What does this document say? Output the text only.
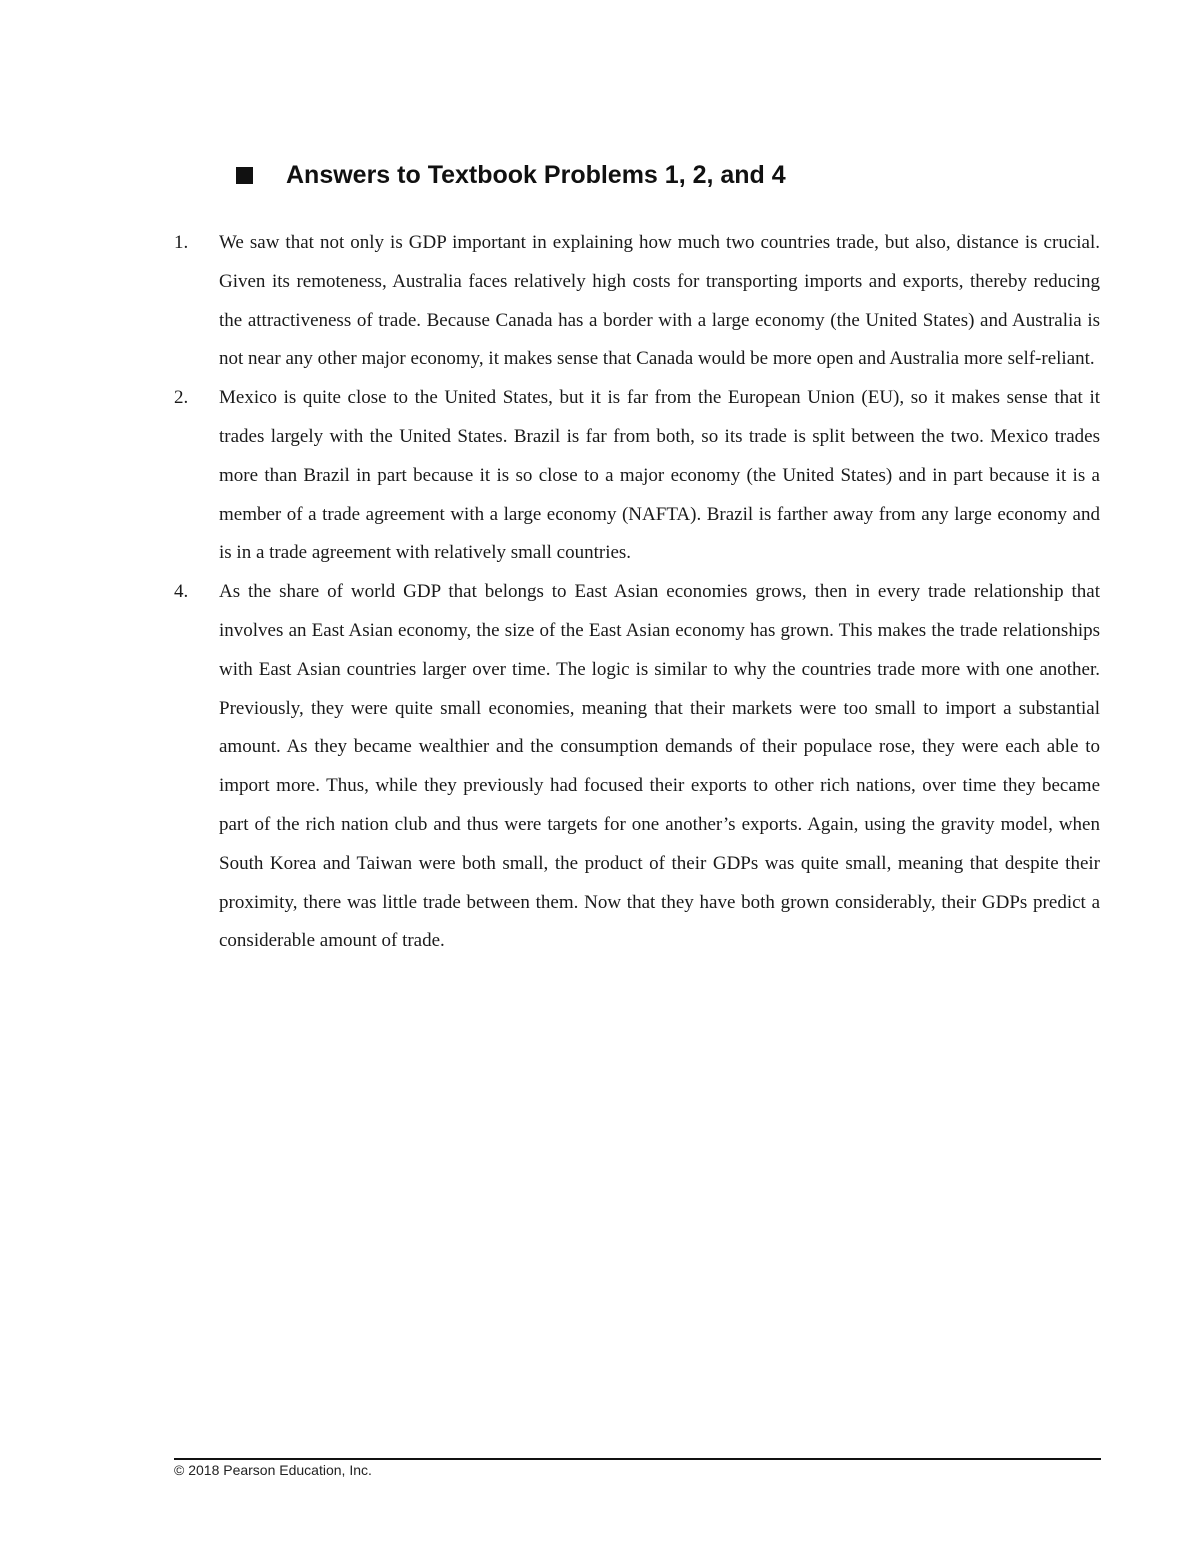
Answers to Textbook Problems 1, 2, and 4
1. We saw that not only is GDP important in explaining how much two countries trade, but also, distance is crucial. Given its remoteness, Australia faces relatively high costs for transporting imports and exports, thereby reducing the attractiveness of trade. Because Canada has a border with a large economy (the United States) and Australia is not near any other major economy, it makes sense that Canada would be more open and Australia more self-reliant.
2. Mexico is quite close to the United States, but it is far from the European Union (EU), so it makes sense that it trades largely with the United States. Brazil is far from both, so its trade is split between the two. Mexico trades more than Brazil in part because it is so close to a major economy (the United States) and in part because it is a member of a trade agreement with a large economy (NAFTA). Brazil is farther away from any large economy and is in a trade agreement with relatively small countries.
4. As the share of world GDP that belongs to East Asian economies grows, then in every trade relationship that involves an East Asian economy, the size of the East Asian economy has grown. This makes the trade relationships with East Asian countries larger over time. The logic is similar to why the countries trade more with one another. Previously, they were quite small economies, meaning that their markets were too small to import a substantial amount. As they became wealthier and the consumption demands of their populace rose, they were each able to import more. Thus, while they previously had focused their exports to other rich nations, over time they became part of the rich nation club and thus were targets for one another’s exports. Again, using the gravity model, when South Korea and Taiwan were both small, the product of their GDPs was quite small, meaning that despite their proximity, there was little trade between them. Now that they have both grown considerably, their GDPs predict a considerable amount of trade.
© 2018 Pearson Education, Inc.
